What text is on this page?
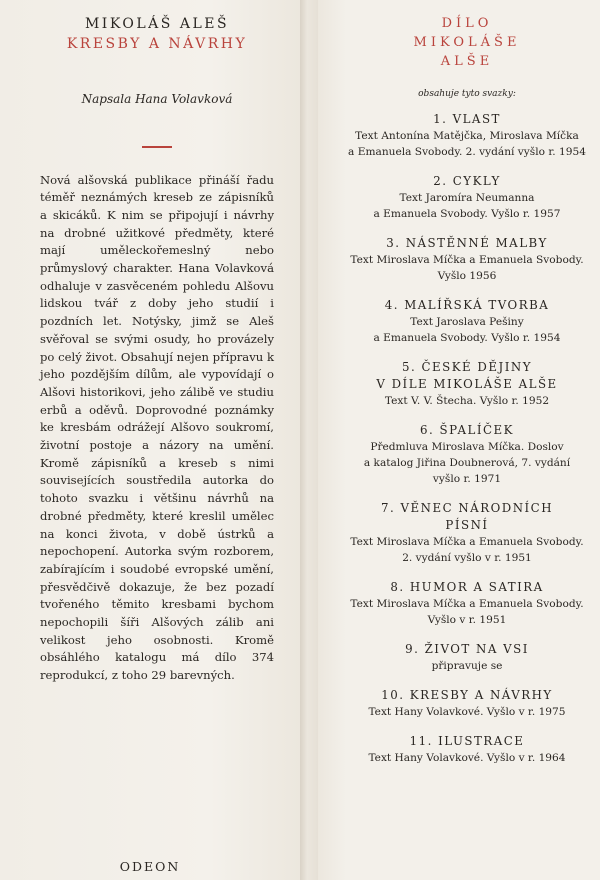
MIKOLÁŠ ALEŠ
KRESBY A NÁVRHY
Napsala Hana Volavková

Nová alšovská publikace přináší řadu téměř neznámých kreseb ze zápisníků a skicáků. K nim se připojují i návrhy na drobné užitkové předměty, které mají uměleckořemeslný nebo průmyslový charakter. Hana Volavková odhaluje v zasvěceném pohledu Alšovu lidskou tvář z doby jeho studií i pozdních let. Notýsky, jimž se Aleš svěřoval se svými osudy, ho provázely po celý život. Obsahují nejen přípravu k jeho pozdějším dílům, ale vypovídají o Alšovi historikovi, jeho zálibě ve studiu erbů a oděvů. Doprovodné poznámky ke kresbám odrážejí Alšovo soukromí, životní postoje a názory na umění. Kromě zápisníků a kreseb s nimi souvisejících soustředila autorka do tohoto svazku i většinu návrhů na drobné předměty, které kreslil umělec na konci života, v době ústrků a nepochopení. Autorka svým rozborem, zabírajícím i soudobé evropské umění, přesvědčivě dokazuje, že bez pozadí tvořeného těmito kresbami bychom nepochopili šíři Alšových zálib ani velikost jeho osobnosti. Kromě obsáhlého katalogu má dílo 374 reprodukcí, z toho 29 barevných.

ODEON
DÍLO
MIKOLÁŠE
ALŠE
obsahuje tyto svazky:
1. VLAST
Text Antonína Matějčka, Miroslava Míčka
a Emanuela Svobody. 2. vydání vyšlo r. 1954
2. CYKLY
Text Jaromíra Neumanna
a Emanuela Svobody. Vyšlo r. 1957
3. NÁSTĚNNÉ MALBY
Text Miroslava Míčka a Emanuela Svobody.
Vyšlo 1956
4. MALÍŘSKÁ TVORBA
Text Jaroslava Pešiny
a Emanuela Svobody. Vyšlo r. 1954
5. ČESKÉ DĚJINY
V DÍLE MIKOLÁŠE ALŠE
Text V. V. Štecha. Vyšlo r. 1952
6. ŠPALÍČEK
Předmluva Miroslava Míčka. Doslov
a katalog Jiřina Doubnerová, 7. vydání
vyšlo r. 1971
7. VĚNEC NÁRODNÍCH
PÍSNÍ
Text Miroslava Míčka a Emanuela Svobody.
2. vydání vyšlo v r. 1951
8. HUMOR A SATIRA
Text Miroslava Míčka a Emanuela Svobody.
Vyšlo v r. 1951
9. ŽIVOT NA VSI
připravuje se
10. KRESBY A NÁVRHY
Text Hany Volavkové. Vyšlo v r. 1975
11. ILUSTRACE
Text Hany Volavkové. Vyšlo v r. 1964
